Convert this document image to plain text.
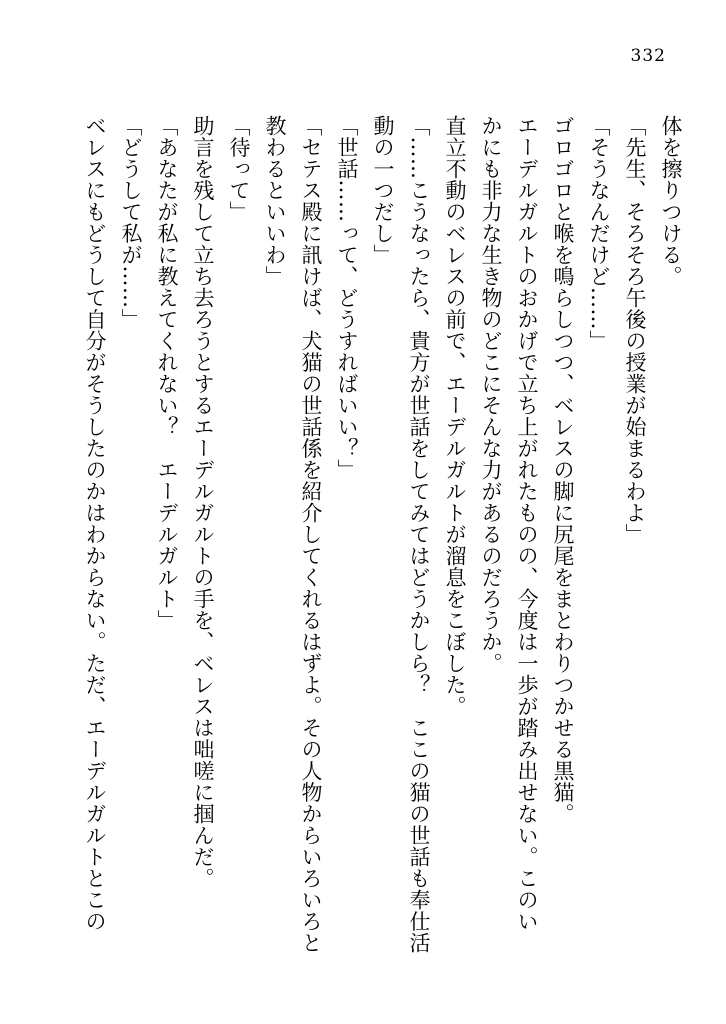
332
体を擦りつける。
「先生、そろそろ午後の授業が始まるわよ」
「そうなんだけど……」
ゴロゴロと喉を鳴らしつつ、ベレスの脚に尻尾をまとわりつかせる黒猫。
エーデルガルトのおかげで立ち上がれたものの、今度は一歩が踏み出せない。このい
かにも非力な生き物のどこにそんな力があるのだろうか。
直立不動のベレスの前で、エーデルガルトが溜息をこぼした。
「……こうなったら、貴方が世話をしてみてはどうかしら？　ここの猫の世話も奉仕活
動の一つだし」
「世話……って、どうすればいい？」
「セテス殿に訊けば、犬猫の世話係を紹介してくれるはずよ。その人物からいろいろと
教わるといいわ」
「待って」
助言を残して立ち去ろうとするエーデルガルトの手を、ベレスは咄嗟に掴んだ。
「あなたが私に教えてくれない？　エーデルガルト」
「どうして私が……」
ベレスにもどうして自分がそうしたのかはわからない。ただ、エーデルガルトとこの
